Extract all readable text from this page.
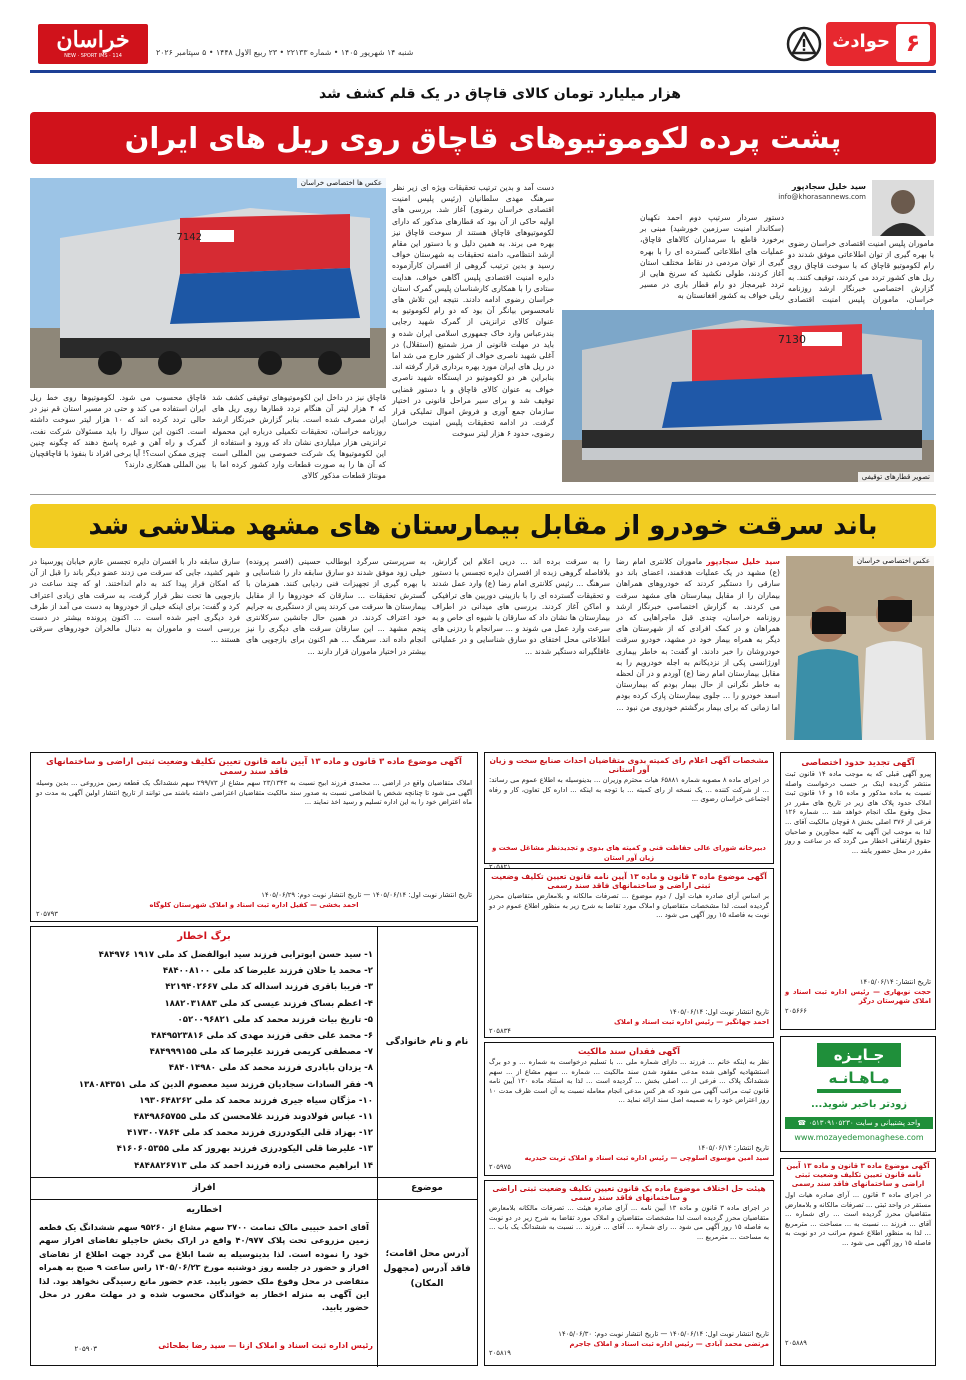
خراسان
NEW · SPORT IMS · 114	شنبه ۱۴ شهریور ۱۴۰۵ • شماره ۲۲۱۳۳ • ۲۳ ربیع الاول ۱۴۴۸ • ۵ سپتامبر ۲۰۲۶	۶
حوادث
هزار میلیارد تومان کالای قاچاق در یک قلم کشف شد
پشت پرده لکوموتیوهای قاچاق روی ریل های ایران
سید خلیل سجادپور
info@khorasannews.com
ماموران پلیس امنیت اقتصادی خراسان رضوی با بهره گیری از توان اطلاعاتی موفق شدند دو رام لکوموتیو قاچاق که با سوخت قاچاق روی ریل های کشور تردد می کردند، توقیف کنند. به گزارش اختصاصی خبرنگار ارشد روزنامه خراسان، ماموران پلیس امنیت اقتصادی
دستور سردار سرتیپ دوم احمد نکهبان (سکاندار امنیت سرزمین خورشید) مبنی بر برخورد قاطع با سرمداران کالاهای قاچاق، عملیات های اطلاعاتی گسترده ای را با بهره گیری از توان مردمی در نقاط مختلف استان آغاز کردند، طولی نکشید که سرنخ هایی از تردد غیرمجاز دو رام قطار باری در مسیر ریلی خواف به کشور افغانستان به
7130
تصویر قطارهای توقیفی
7142
عکس ها اختصاصی خراسان	دست آمد و بدین ترتیب تحقیقات ویژه ای زیر نظر سرهنگ مهدی سلطانیان (رئیس پلیس امنیت اقتصادی خراسان رضوی) آغاز شد. بررسی های اولیه حاکی از آن بود که قطارهای مذکور که دارای لکوموتیوهای قاچاق هستند از سوخت قاچاق نیز بهره می برند. به همین دلیل و با دستور این مقام ارشد انتظامی، دامنه تحقیقات به شهرستان خواف رسید و بدین ترتیب گروهی از افسران کارآزموده دایره امنیت اقتصادی پلیس آگاهی خواف، هدایت ستادی را با همکاری کارشناسان پلیس گمرک استان خراسان رضوی ادامه دادند. نتیجه این تلاش های نامحسوس بیانگر آن بود که دو رام لکوموتیو به عنوان کالای ترانزیتی از گمرک شهید رجایی بندرعباس وارد خاک جمهوری اسلامی ایران شده و باید در مهلت قانونی از مرز شمتیغ (استقلال) در آغلی شهید ناصری خواف از کشور خارج می شد اما در ریل های ایران مورد بهره برداری قرار گرفته اند. بنابراین هر دو لکوموتیو در ایستگاه شهید ناصری خواف به عنوان کالای قاچاق و با دستور قضایی توقیف شد و برای سیر مراحل قانونی در اختیار سازمان جمع آوری و فروش اموال تملیکی قرار گرفت. در ادامه تحقیقات پلیس امنیت خراسان رضوی، حدود ۶ هزار لیتر سوخت
قاچاق نیز در داخل این لکوموتیوهای توقیفی کشف شد که ۴ هزار لیتر آن هنگام تردد قطارها روی ریل های ایران مصرف شده است. بنابر گزارش خبرنگار ارشد روزنامه خراسان، تحقیقات تکمیلی درباره این محموله ترانزیتی هزار میلیاردی نشان داد که ورود و استفاده از این لکوموتیوها یک شرکت خصوصی بین المللی است که آن ها را به صورت قطعات وارد کشور کرده اما با مونتاژ قطعات مذکور کالای
قاچاق محسوب می شود. لکوموتیوها روی خط ریل ایران استفاده می کند و حتی در مسیر استان قم نیز در حالی تردد کرده اند که ۱۰ هزار لیتر سوخت داشته است. اکنون این سوال را باید مسئولان شرکت نفت، گمرک و راه آهن و غیره پاسخ دهند که چگونه چنین چیزی ممکن است؟! آیا برخی افراد نا بنفوذ با قاچاقچیان بین المللی همکاری دارند؟
باند سرقت خودرو از مقابل بیمارستان های مشهد متلاشی شد
عکس اختصاصی خراسان
سید خلیل سجادپور ماموران کلانتری امام رضا (ع) مشهد در یک عملیات هدفمند، اعضای باند دو سارقی را دستگیر کردند که خودروهای همراهان بیماران را از مقابل بیمارستان های مشهد سرقت می کردند. به گزارش اختصاصی خبرنگار ارشد روزنامه خراسان، چندی قبل ماجراهایی که در همراهان و در کمک افرادی که از شهرستان های دیگر به همراه بیمار خود در مشهد، خودرو سرقت خودروشان را خبر دادند. او گفت: به خاطر بیماری اورژانسی پکی از نزدیکانم به اجله خودرویم را به مقابل بیمارستان امام رضا (ع) آوردم و در آن لحظه به خاطر نگرانی از حال بیمار بودم که بیمارستان اسعد خودرو را ... جلوی بیمارستان پارک کرده بودم اما زمانی که برای بیمار برگشتم خودروی من نبود ...
را به سرقت برده اند ... دریی اعلام این گزارش، بلافاصله گروهی زبده از افسران دایره تجسس با دستور سرهنگ ... رئیس کلانتری امام رضا (ع) وارد عمل شدند و تحقیقات گسترده ای را با بازبینی دوربین های ترافیکی و اماکن آغاز کردند. بررسی های میدانی در اطراف بیمارستان ها نشان داد که سارقان با شیوه ای خاص و به سرعت وارد عمل می شوند و ... سرانجام با ردزنی های اطلاعاتی محل اختفای دو سارق شناسایی و در عملیاتی غافلگیرانه دستگیر شدند ...
به سرپرستی سرگرد ابوطالب حسینی (افسر پرونده) خیلی زود موفق شدند دو سارق سابقه دار را شناسایی و با بهره گیری از تجهیزات فنی ردیابی کنند. همزمان با گسترش تحقیقات ... سارقان که خودروها را از مقابل بیمارستان ها سرقت می کردند پس از دستگیری به جرایم خود اعتراف کردند. در همین حال جانشین سرکلانتری پنجم مشهد ... این سارقان سرقت های دیگری را نیز انجام داده اند. سرهنگ ... هم اکنون برای بازجویی های بیشتر در اختیار ماموران قرار دارند ...
سارق سابقه دار با افسران دایره تجسس عازم خیابان پورسینا در شهر کشید، جایی که سرقت می زدند عضو دیگر باند را قبل از آن که امکان فرار پیدا کند به دام انداختند. او که چند ساعت در بازجویی ها تحت نظر قرار گرفت، به سرقت های زیادی اعتراف کرد و گفت: برای اینکه خیلی از خودروها به دست می آمد از طرف فرد دیگری اجیر شده است ... اکنون پرونده بیشتر در دست بررسی است و ماموران به دنبال مالخران خودروهای سرقتی هستند ...
آگهی تجدید حدود اختصاصی
پیرو آگهی قبلی که به موجب ماده ۱۴ قانون ثبت منتشر گردیده اینک بر حسب درخواست واصله نسبت به ماده مذکور و ماده ۱۵ و ۱۶ قانون ثبت املاک حدود پلاک های زیر در تاریخ های مقرر در محل وقوع ملک انجام خواهد شد ... شماره ۱۲۶ فرعی از ۳۷۶ اصلی بخش ۸ قوچان مالکیت آقای ... لذا به موجب این آگهی به کلیه مجاورین و صاحبان حقوق ارتفاقی اخطار می گردد که در ساعت و روز مقرر در محل حضور یابند ...
تاریخ انتشار: ۱۴۰۵/۰۶/۱۴
حجت نوبهاری — رئیس اداره ثبت اسناد و املاک شهرستان درگز
۲۰۵۶۶۶
جـایـزه
مـاهـانـه
زودتر باخبر شوید...
واحد پشتیبانی و سایت ۰۵۱۳۰۹۱۰۵۲۳۰ ☎
www.mozayedemonaghese.com
مشخصات آگهی اعلام رای کمیته بدوی متقاضیان احداث صنایع سخت و زیان آور استانی
در اجرای ماده ۸ مصوبه شماره ۶۵۸۸۱ هیات محترم وزیران ... بدینوسیله به اطلاع عموم می رساند: ... از شرکت کننده ... یک نسخه از رای کمیته ... با توجه به اینکه ... اداره کل تعاون، کار و رفاه اجتماعی خراسان رضوی ...
دبیرخانه شورای عالی حفاظت فنی و کمیته های بدوی و تجدیدنظر مشاغل سخت و زیان آور استان
آگهی موضوع ماده ۳ قانون و ماده ۱۳ آیین نامه قانون تعیین تکلیف وضعیت ثبتی اراضی و ساختمانهای فاقد سند رسمی
بر اساس آرای صادره هیات اول / دوم موضوع ... تصرفات مالکانه و بلامعارض متقاضیان محرز گردیده است. لذا مشخصات متقاضیان و املاک مورد تقاضا به شرح زیر به منظور اطلاع عموم در دو نوبت به فاصله ۱۵ روز آگهی می شود ...
تاریخ انتشار نوبت اول: ۱۴۰۵/۰۶/۱۴
احمد جهانگیر — رئیس اداره ثبت اسناد و املاک
۲۰۵۸۳۴
آگهی فقدان سند مالکیت
نظر به اینکه خانم ... فرزند ... دارای شماره ملی ... با تسلیم درخواست به شماره ... و دو برگ استشهادیه گواهی شده مدعی مفقود شدن سند مالکیت ... شماره ... سهم مشاع از ... سهم ششدانگ پلاک ... فرعی از ... اصلی بخش ... گردیده است ... لذا به استناد ماده ۱۲۰ آیین نامه قانون ثبت مراتب آگهی می شود که هر کس مدعی انجام معامله نسبت به آن است ظرف مدت ۱۰ روز اعتراض خود را به ضمیمه اصل سند ارائه نماید ...
تاریخ انتشار: ۱۴۰۵/۰۶/۱۴
سید امین موسوی اسلوچی — رئیس اداره ثبت اسناد و املاک تربت حیدریه
۲۰۵۹۷۵
آگهی موضوع ماده ۳ قانون و ماده ۱۳ آیین نامه قانون تعیین تکلیف وضعیت ثبتی اراضی و ساختمانهای فاقد سند رسمی
املاک متقاضیان واقع در اراضی ... محمدی فرزند ابیح نسبت به ۲۳/۱۳۴۳ سهم مشاع از ۲۹۹/۷۳ سهم ششدانگ یک قطعه زمین مزروعی ... بدین وسیله آگهی می شود تا چنانچه شخص یا اشخاصی نسبت به صدور سند مالکیت متقاضیان اعتراضی داشته باشند می توانند از تاریخ انتشار اولین آگهی به مدت دو ماه اعتراض خود را به این اداره تسلیم و رسید اخذ نمایند ...
تاریخ انتشار نوبت اول: ۱۴۰۵/۰۶/۱۴ — تاریخ انتشار نوبت دوم: ۱۴۰۵/۰۶/۲۹
احمد بخشی — کفیل اداره ثبت اسناد و املاک شهرستان کلوگاه
۲۰۵۷۹۳
نام و نام خانوادگی
موضوع
آدرس محل اقامت؛ فاقد آدرس (مجهول المکان)
برگ اخطار
۱- سید حسن ابوترابی فرزند سید ابوالفضل کد ملی ۱۹۱۷ ۴۸۴۹۷۶
۲- محمد یا حلان فرزند علیرضا کد ملی ۴۸۴۰۰۸۱۰۰
۳- فریبا باقری فرزند اسداله کد ملی ۴۲۱۹۴۰۲۶۶۷
۴- اعظم بساک فرزند عیسی کد ملی ۱۸۸۲۰۳۱۸۸۳
۵- تاریخ بیات فرزند محمد کد ملی ۰۵۲۰۰۹۶۸۲۱
۶- محمد علی حقی فرزند مهدی کد ملی ۴۸۴۹۵۲۳۸۱۶
۷- مصطفی کریمی فرزند علیرضا کد ملی ۴۸۴۹۹۹۱۵۵
۸- یزدان بابادری فرزند محمد کد ملی ۴۸۴۰۱۴۹۸۰
۹- فقر السادات سجادیان فرزند سید معصوم الدین کد ملی ۱۳۸۰۸۴۳۵۱
۱۰- مژگان سیاه جیری فرزند محمد کد ملی ۱۹۳۰۶۴۸۲۶۲
۱۱- عباس فولادوند فرزند غلامحسن کد ملی ۴۸۴۹۸۶۵۷۵۵
۱۲- بهزاد قلی الیکودرزی فرزند محمد کد ملی ۴۱۷۳۰۰۷۸۶۴
۱۳- علیرضا قلی الیکودرزی فرزند بهروز کد ملی ۴۱۶۰۶۰۵۳۵۵
۱۴ ابراهیم محسنی زاده فرزند احمد کد ملی ۴۸۴۸۸۲۶۷۱۳
افراز
اخطاریه
آقای احمد حبیبی مالک تمامت ۳۷۰۰ سهم مشاع از ۹۵۲۶۰ سهم ششدانگ یک قطعه زمین مزروعی تحت پلاک ۴۰/۹۷۷ واقع در اراک بخش حاجیلو تقاضای افراز سهم خود را نموده است. لذا بدینوسیله به شما ابلاغ می گردد جهت اطلاع از تقاضای افراز و حضور در جلسه روز دوشنبه مورخ ۱۴۰۵/۰۶/۲۳ راس ساعت ۹ صبح به همراه متقاضی در محل وقوع ملک حضور یابید. عدم حضور مانع رسیدگی نخواهد بود. لذا این آگهی به منزله اخطار به خواندگان محسوب شده و در مهلت مقرر در محل حضور یابید.
رئیس اداره ثبت اسناد و املاک ازنا — سید رضا بطحائی
۲۰۵۹۰۳
هیئت حل اختلاف موضوع ماده یک قانون تعیین تکلیف وضعیت ثبتی اراضی و ساختمانهای فاقد سند رسمی
در اجرای ماده ۳ قانون و ماده ۱۳ آیین نامه ... آرای صادره هیئت ... تصرفات مالکانه بلامعارض متقاضیان محرز گردیده است لذا مشخصات متقاضیان و املاک مورد تقاضا به شرح زیر در دو نوبت به فاصله ۱۵ روز آگهی می شود ... رای شماره ... آقای ... فرزند ... نسبت به ششدانگ یک باب ... به مساحت ... مترمربع ...
تاریخ انتشار نوبت اول: ۱۴۰۵/۰۶/۱۴ — تاریخ انتشار نوبت دوم: ۱۴۰۵/۰۶/۳۰
مرتضی محمد آبادی — رئیس اداره ثبت اسناد و املاک جاجرم
۲۰۵۸۱۹
آگهی موضوع ماده ۳ قانون و ماده ۱۳ آیین نامه قانون تعیین تکلیف وضعیت ثبتی اراضی و ساختمانهای فاقد سند رسمی
در اجرای ماده ۳ قانون ... آرای صادره هیات اول مستقر در واحد ثبتی ... تصرفات مالکانه و بلامعارض متقاضیان محرز گردیده است ... رای شماره ... آقای ... فرزند ... نسبت به ... مساحت ... مترمربع ... لذا به منظور اطلاع عموم مراتب در دو نوبت به فاصله ۱۵ روز آگهی می شود ...
۲۰۵۸۸۹
